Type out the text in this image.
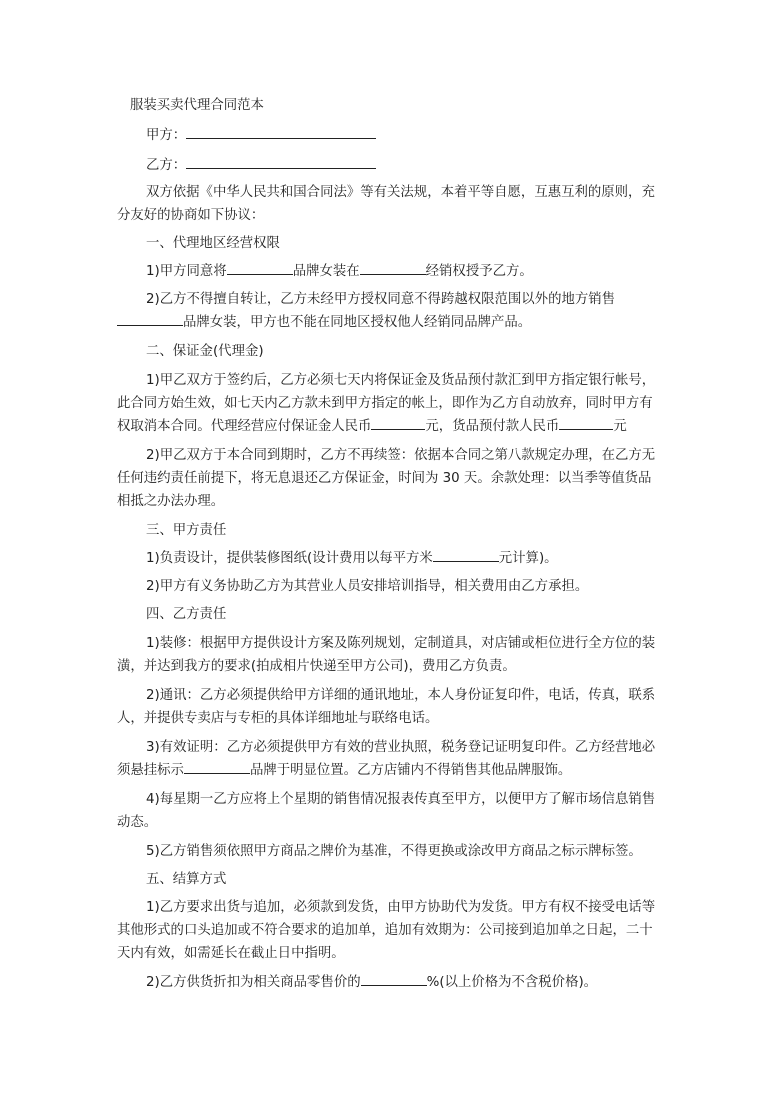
服装买卖代理合同范本
甲方：
乙方：
双方依据《中华人民共和国合同法》等有关法规，本着平等自愿，互惠互利的原则，充
分友好的协商如下协议：
一、代理地区经营权限
1)甲方同意将	品牌女装在	经销权授予乙方。
2)乙方不得擅自转让，乙方未经甲方授权同意不得跨越权限范围以外的地方销售
品牌女装，甲方也不能在同地区授权他人经销同品牌产品。
二、保证金(代理金)
1)甲乙双方于签约后，乙方必须七天内将保证金及货品预付款汇到甲方指定银行帐号，
此合同方始生效，如七天内乙方款未到甲方指定的帐上，即作为乙方自动放弃，同时甲方有
权取消本合同。代理经营应付保证金人民币	元，货品预付款人民币	元
2)甲乙双方于本合同到期时，乙方不再续签：依据本合同之第八款规定办理，在乙方无
任何违约责任前提下，将无息退还乙方保证金，时间为 30 天。余款处理：以当季等值货品
相抵之办法办理。
三、甲方责任
1)负责设计，提供装修图纸(设计费用以每平方米	元计算)。
2)甲方有义务协助乙方为其营业人员安排培训指导，相关费用由乙方承担。
四、乙方责任
1)装修：根据甲方提供设计方案及陈列规划，定制道具，对店铺或柜位进行全方位的装
潢，并达到我方的要求(拍成相片快递至甲方公司)，费用乙方负责。
2)通讯：乙方必须提供给甲方详细的通讯地址，本人身份证复印件，电话，传真，联系
人，并提供专卖店与专柜的具体详细地址与联络电话。
3)有效证明：乙方必须提供甲方有效的营业执照，税务登记证明复印件。乙方经营地必
须悬挂标示	品牌于明显位置。乙方店铺内不得销售其他品牌服饰。
4)每星期一乙方应将上个星期的销售情况报表传真至甲方，以便甲方了解市场信息销售
动态。
5)乙方销售须依照甲方商品之牌价为基准，不得更换或涂改甲方商品之标示牌标签。
五、结算方式
1)乙方要求出货与追加，必须款到发货，由甲方协助代为发货。甲方有权不接受电话等
其他形式的口头追加或不符合要求的追加单，追加有效期为：公司接到追加单之日起，二十
天内有效，如需延长在截止日中指明。
2)乙方供货折扣为相关商品零售价的	%(以上价格为不含税价格)。
